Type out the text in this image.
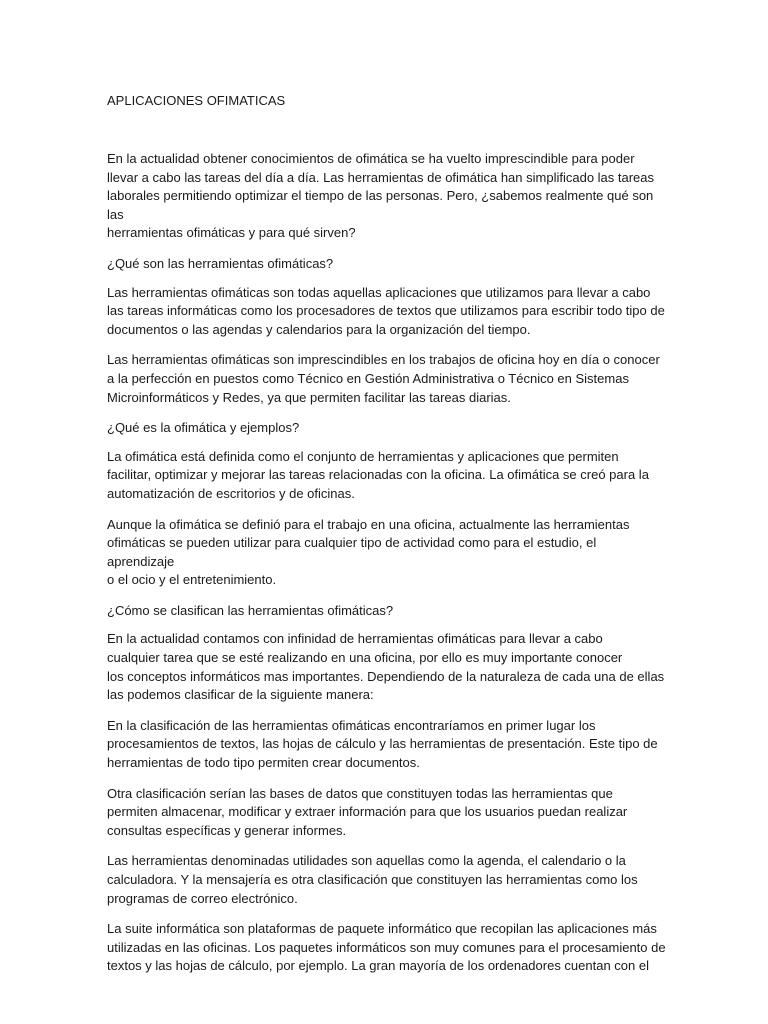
APLICACIONES OFIMATICAS

En la actualidad obtener conocimientos de ofimática se ha vuelto imprescindible para poder
llevar a cabo las tareas del día a día. Las herramientas de ofimática han simplificado las tareas
laborales permitiendo optimizar el tiempo de las personas. Pero, ¿sabemos realmente qué son las
herramientas ofimáticas y para qué sirven?

¿Qué son las herramientas ofimáticas?

Las herramientas ofimáticas son todas aquellas aplicaciones que utilizamos para llevar a cabo
las tareas informáticas como los procesadores de textos que utilizamos para escribir todo tipo de
documentos o las agendas y calendarios para la organización del tiempo.

Las herramientas ofimáticas son imprescindibles en los trabajos de oficina hoy en día o conocer
a la perfección en puestos como Técnico en Gestión Administrativa o Técnico en Sistemas
Microinformáticos y Redes, ya que permiten facilitar las tareas diarias.

¿Qué es la ofimática y ejemplos?

La ofimática está definida como el conjunto de herramientas y aplicaciones que permiten
facilitar, optimizar y mejorar las tareas relacionadas con la oficina. La ofimática se creó para la
automatización de escritorios y de oficinas.

Aunque la ofimática se definió para el trabajo en una oficina, actualmente las herramientas
ofimáticas se pueden utilizar para cualquier tipo de actividad como para el estudio, el aprendizaje
o el ocio y el entretenimiento.

¿Cómo se clasifican las herramientas ofimáticas?

En la actualidad contamos con infinidad de herramientas ofimáticas para llevar a cabo
cualquier tarea que se esté realizando en una oficina, por ello es muy importante conocer
los conceptos informáticos mas importantes. Dependiendo de la naturaleza de cada una de ellas
las podemos clasificar de la siguiente manera:

En la clasificación de las herramientas ofimáticas encontraríamos en primer lugar los
procesamientos de textos, las hojas de cálculo y las herramientas de presentación. Este tipo de
herramientas de todo tipo permiten crear documentos.

Otra clasificación serían las bases de datos que constituyen todas las herramientas que
permiten almacenar, modificar y extraer información para que los usuarios puedan realizar
consultas específicas y generar informes.

Las herramientas denominadas utilidades son aquellas como la agenda, el calendario o la
calculadora. Y la mensajería es otra clasificación que constituyen las herramientas como los
programas de correo electrónico.

La suite informática son plataformas de paquete informático que recopilan las aplicaciones más
utilizadas en las oficinas. Los paquetes informáticos son muy comunes para el procesamiento de
textos y las hojas de cálculo, por ejemplo. La gran mayoría de los ordenadores cuentan con el
